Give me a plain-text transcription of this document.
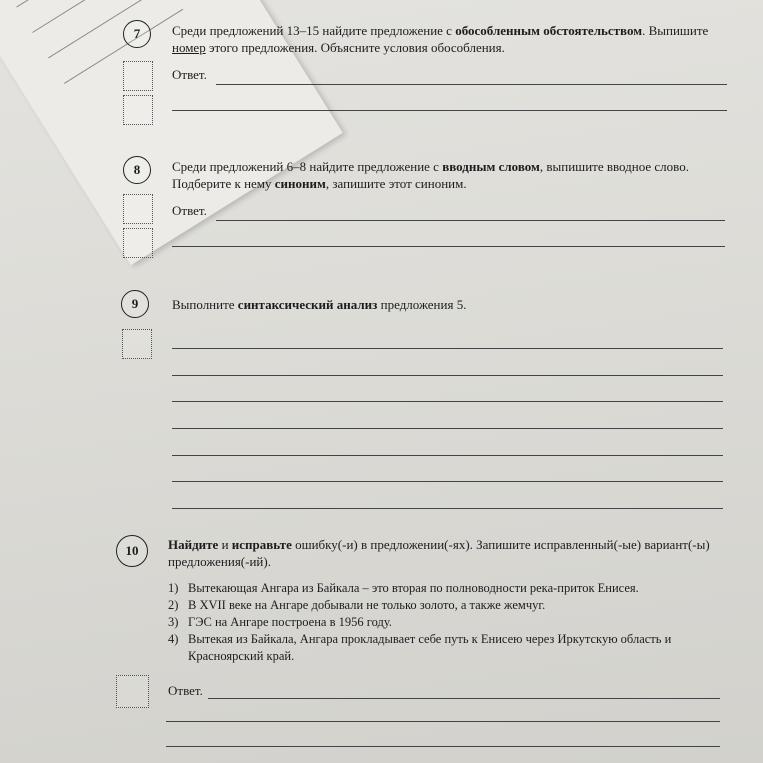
7	Среди предложений 13–15 найдите предложение с обособленным обстоятельством. Выпишите номер этого предложения. Объясните условия обособления.
Ответ.
8	Среди предложений 6–8 найдите предложение с вводным словом, выпишите вводное слово. Подберите к нему синоним, запишите этот синоним.
Ответ.
9	Выполните синтаксический анализ предложения 5.
10	Найдите и исправьте ошибку(-и) в предложении(-ях). Запишите исправленный(-ые) вариант(-ы) предложения(-ий).
1) Вытекающая Ангара из Байкала – это вторая по полноводности река-приток Енисея.
2) В XVII веке на Ангаре добывали не только золото, а также жемчуг.
3) ГЭС на Ангаре построена в 1956 году.
4) Вытекая из Байкала, Ангара прокладывает себе путь к Енисею через Иркутскую область и Красноярский край.
Ответ.
